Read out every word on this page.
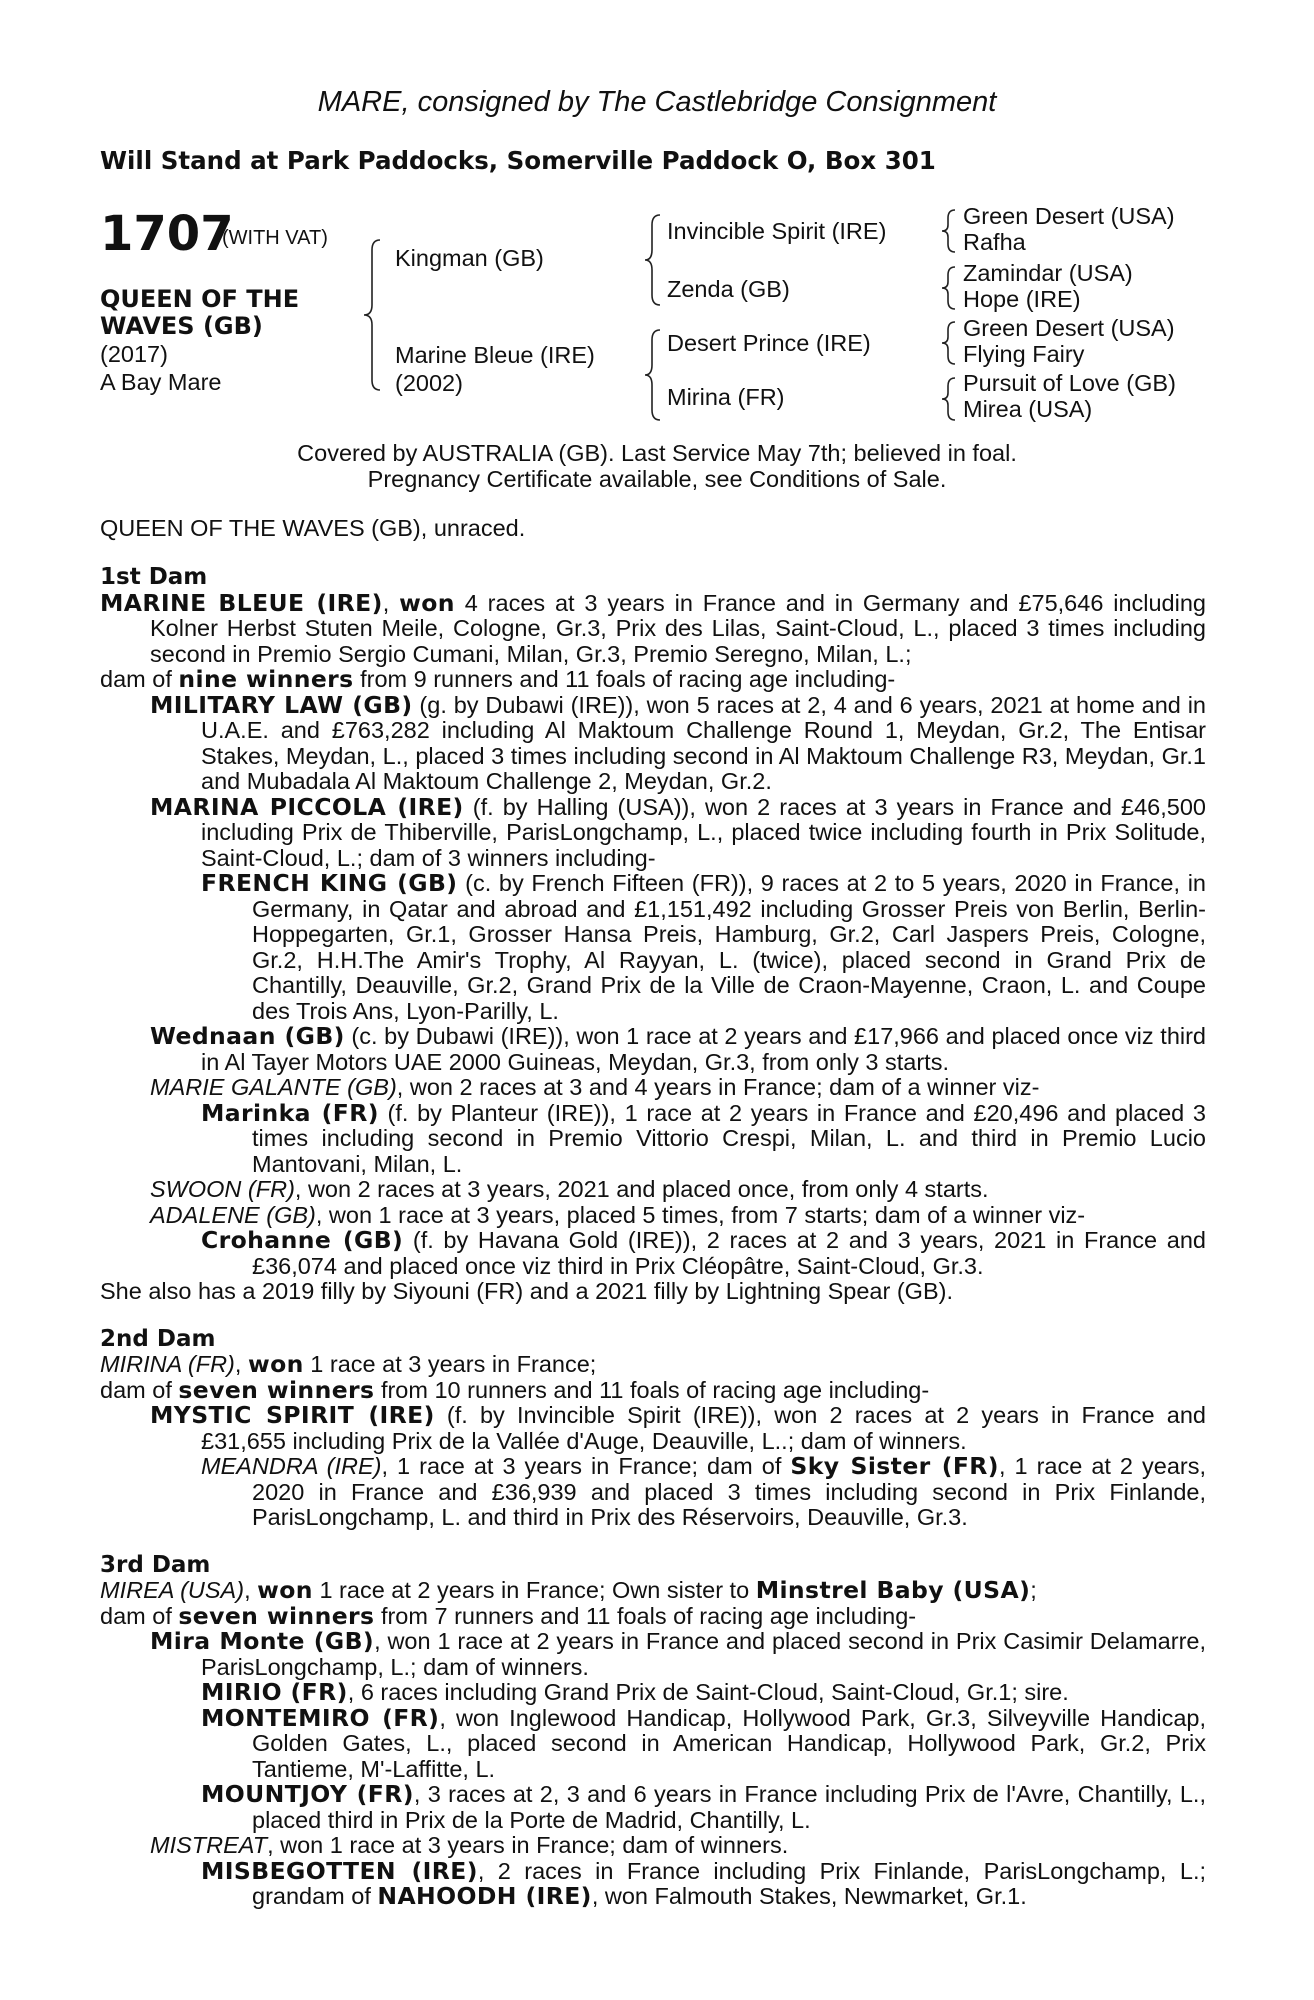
MARE, consigned by The Castlebridge Consignment
Will Stand at Park Paddocks, Somerville Paddock O, Box 301
1707
(WITH VAT)
QUEEN OF THE
WAVES (GB)
(2017)
A Bay Mare
Kingman (GB)
Marine Bleue (IRE)
(2002)
Invincible Spirit (IRE)
Zenda (GB)
Desert Prince (IRE)
Mirina (FR)
Green Desert (USA)
Rafha
Zamindar (USA)
Hope (IRE)
Green Desert (USA)
Flying Fairy
Pursuit of Love (GB)
Mirea (USA)
Covered by AUSTRALIA (GB). Last Service May 7th; believed in foal.
Pregnancy Certificate available, see Conditions of Sale.
QUEEN OF THE WAVES (GB), unraced.

1st Dam

MARINE BLEUE (IRE), won 4 races at 3 years in France and in Germany and £75,646 including Kolner Herbst Stuten Meile, Cologne, Gr.3, Prix des Lilas, Saint-Cloud, L., placed 3 times including second in Premio Sergio Cumani, Milan, Gr.3, Premio Seregno, Milan, L.;

dam of nine winners from 9 runners and 11 foals of racing age including-

MILITARY LAW (GB) (g. by Dubawi (IRE)), won 5 races at 2, 4 and 6 years, 2021 at home and in U.A.E. and £763,282 including Al Maktoum Challenge Round 1, Meydan, Gr.2, The Entisar Stakes, Meydan, L., placed 3 times including second in Al Maktoum Challenge R3, Meydan, Gr.1 and Mubadala Al Maktoum Challenge 2, Meydan, Gr.2.

MARINA PICCOLA (IRE) (f. by Halling (USA)), won 2 races at 3 years in France and £46,500 including Prix de Thiberville, ParisLongchamp, L., placed twice including fourth in Prix Solitude, Saint-Cloud, L.; dam of 3 winners including-

FRENCH KING (GB) (c. by French Fifteen (FR)), 9 races at 2 to 5 years, 2020 in France, in Germany, in Qatar and abroad and £1,151,492 including Grosser Preis von Berlin, Berlin-Hoppegarten, Gr.1, Grosser Hansa Preis, Hamburg, Gr.2, Carl Jaspers Preis, Cologne, Gr.2, H.H.The Amir's Trophy, Al Rayyan, L. (twice), placed second in Grand Prix de Chantilly, Deauville, Gr.2, Grand Prix de la Ville de Craon-Mayenne, Craon, L. and Coupe des Trois Ans, Lyon-Parilly, L.

Wednaan (GB) (c. by Dubawi (IRE)), won 1 race at 2 years and £17,966 and placed once viz third in Al Tayer Motors UAE 2000 Guineas, Meydan, Gr.3, from only 3 starts.

MARIE GALANTE (GB), won 2 races at 3 and 4 years in France; dam of a winner viz-

Marinka (FR) (f. by Planteur (IRE)), 1 race at 2 years in France and £20,496 and placed 3 times including second in Premio Vittorio Crespi, Milan, L. and third in Premio Lucio Mantovani, Milan, L.

SWOON (FR), won 2 races at 3 years, 2021 and placed once, from only 4 starts.

ADALENE (GB), won 1 race at 3 years, placed 5 times, from 7 starts; dam of a winner viz-

Crohanne (GB) (f. by Havana Gold (IRE)), 2 races at 2 and 3 years, 2021 in France and £36,074 and placed once viz third in Prix Cléopâtre, Saint-Cloud, Gr.3.

She also has a 2019 filly by Siyouni (FR) and a 2021 filly by Lightning Spear (GB).

2nd Dam

MIRINA (FR), won 1 race at 3 years in France;

dam of seven winners from 10 runners and 11 foals of racing age including-

MYSTIC SPIRIT (IRE) (f. by Invincible Spirit (IRE)), won 2 races at 2 years in France and £31,655 including Prix de la Vallée d'Auge, Deauville, L..; dam of winners.

MEANDRA (IRE), 1 race at 3 years in France; dam of Sky Sister (FR), 1 race at 2 years, 2020 in France and £36,939 and placed 3 times including second in Prix Finlande, ParisLongchamp, L. and third in Prix des Réservoirs, Deauville, Gr.3.

3rd Dam

MIREA (USA), won 1 race at 2 years in France; Own sister to Minstrel Baby (USA);

dam of seven winners from 7 runners and 11 foals of racing age including-

Mira Monte (GB), won 1 race at 2 years in France and placed second in Prix Casimir Delamarre, ParisLongchamp, L.; dam of winners.

MIRIO (FR), 6 races including Grand Prix de Saint-Cloud, Saint-Cloud, Gr.1; sire.

MONTEMIRO (FR), won Inglewood Handicap, Hollywood Park, Gr.3, Silveyville Handicap, Golden Gates, L., placed second in American Handicap, Hollywood Park, Gr.2, Prix Tantieme, M'-Laffitte, L.

MOUNTJOY (FR), 3 races at 2, 3 and 6 years in France including Prix de l'Avre, Chantilly, L., placed third in Prix de la Porte de Madrid, Chantilly, L.

MISTREAT, won 1 race at 3 years in France; dam of winners.

MISBEGOTTEN (IRE), 2 races in France including Prix Finlande, ParisLongchamp, L.; grandam of NAHOODH (IRE), won Falmouth Stakes, Newmarket, Gr.1.
